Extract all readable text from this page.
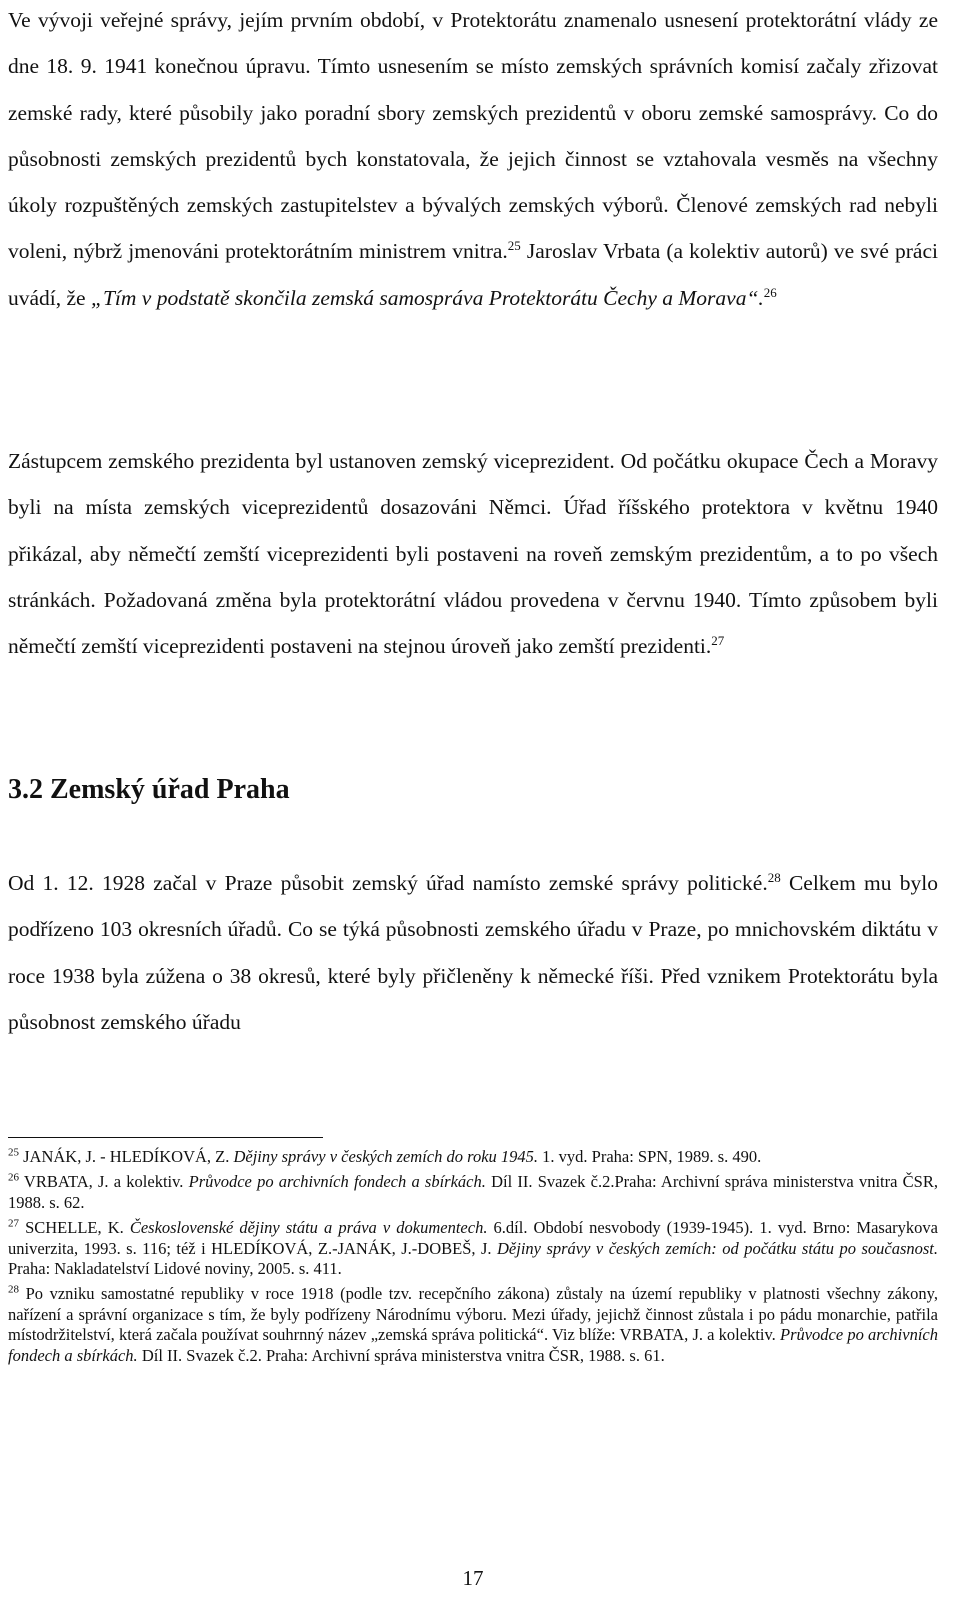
Ve vývoji veřejné správy, jejím prvním období, v Protektorátu znamenalo usnesení protektorátní vlády ze dne 18. 9. 1941 konečnou úpravu. Tímto usnesením se místo zemských správních komisí začaly zřizovat zemské rady, které působily jako poradní sbory zemských prezidentů v oboru zemské samosprávy. Co do působnosti zemských prezidentů bych konstatovala, že jejich činnost se vztahovala vesměs na všechny úkoly rozpuštěných zemských zastupitelstev a bývalých zemských výborů. Členové zemských rad nebyli voleni, nýbrž jmenováni protektorátním ministrem vnitra.$^{25}$ Jaroslav Vrbata (a kolektiv autorů) ve své práci uvádí, že „Tím v podstatě skončila zemská samospráva Protektorátu Čechy a Morava“.$^{26}$

Zástupcem zemského prezidenta byl ustanoven zemský viceprezident. Od počátku okupace Čech a Moravy byli na místa zemských viceprezidentů dosazováni Němci. Úřad říšského protektora v květnu 1940 přikázal, aby němečtí zemští viceprezidenti byli postaveni na roveň zemským prezidentům, a to po všech stránkách. Požadovaná změna byla protektorátní vládou provedena v červnu 1940. Tímto způsobem byli němečtí zemští viceprezidenti postaveni na stejnou úroveň jako zemští prezidenti.$^{27}$

3.2 Zemský úřad Praha

Od 1. 12. 1928 začal v Praze působit zemský úřad namísto zemské správy politické.$^{28}$ Celkem mu bylo podřízeno 103 okresních úřadů. Co se týká působnosti zemského úřadu v Praze, po mnichovském diktátu v roce 1938 byla zúžena o 38 okresů, které byly přičleněny k německé říši. Před vznikem Protektorátu byla působnost zemského úřadu

$^{25}$ JANÁK, J. - HLEDÍKOVÁ, Z. Dějiny správy v českých zemích do roku 1945. 1. vyd. Praha: SPN, 1989. s. 490.

$^{26}$ VRBATA, J. a kolektiv. Průvodce po archivních fondech a sbírkách. Díl II. Svazek č.2.Praha: Archivní správa ministerstva vnitra ČSR, 1988. s. 62.

$^{27}$ SCHELLE, K. Československé dějiny státu a práva v dokumentech. 6.díl. Období nesvobody (1939-1945). 1. vyd. Brno: Masarykova univerzita, 1993. s. 116; též i HLEDÍKOVÁ, Z.-JANÁK, J.-DOBEŠ, J. Dějiny správy v českých zemích: od počátku státu po současnost. Praha: Nakladatelství Lidové noviny, 2005. s. 411.

$^{28}$ Po vzniku samostatné republiky v roce 1918 (podle tzv. recepčního zákona) zůstaly na území republiky v platnosti všechny zákony, nařízení a správní organizace s tím, že byly podřízeny Národnímu výboru. Mezi úřady, jejichž činnost zůstala i po pádu monarchie, patřila místodržitelství, která začala používat souhrnný název „zemská správa politická“. Viz blíže: VRBATA, J. a kolektiv. Průvodce po archivních fondech a sbírkách. Díl II. Svazek č.2. Praha: Archivní správa ministerstva vnitra ČSR, 1988. s. 61.

17
